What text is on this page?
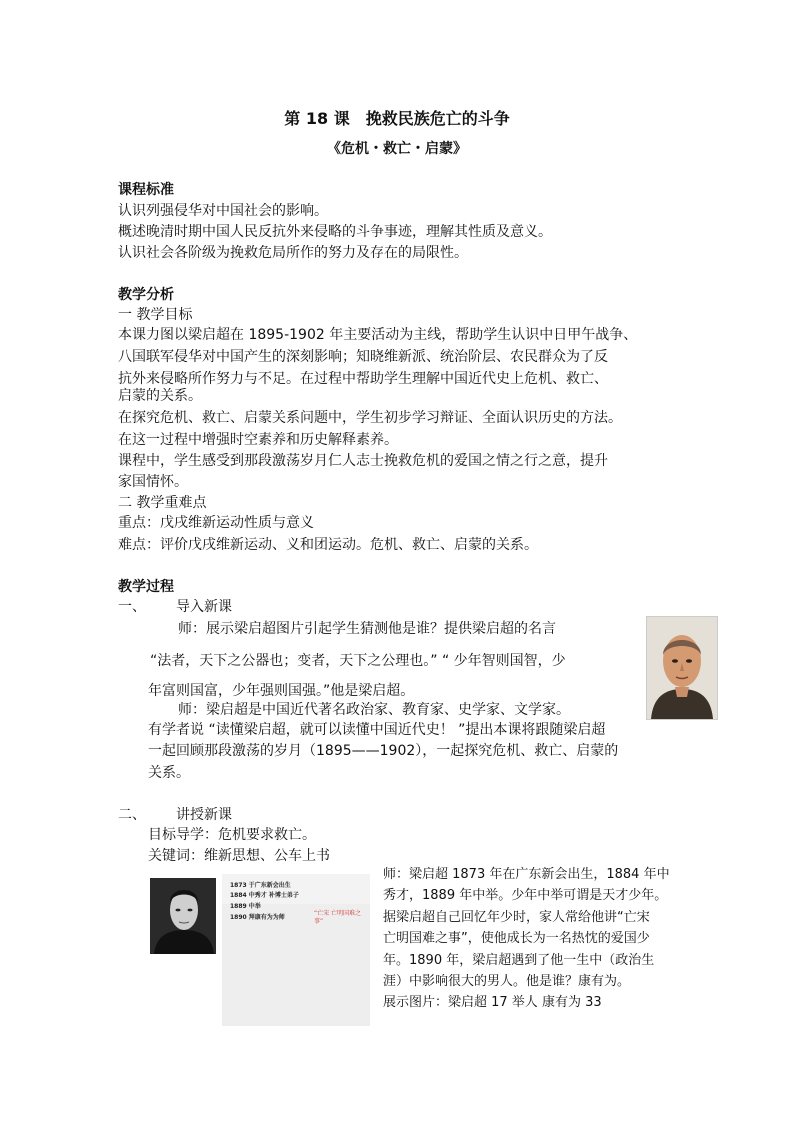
第 18 课　挽救民族危亡的斗争
《危机・救亡・启蒙》
课程标准
认识列强侵华对中国社会的影响。
概述晚清时期中国人民反抗外来侵略的斗争事迹，理解其性质及意义。
认识社会各阶级为挽救危局所作的努力及存在的局限性。
教学分析
一 教学目标
本课力图以梁启超在 1895-1902 年主要活动为主线，帮助学生认识中日甲午战争、
八国联军侵华对中国产生的深刻影响；知晓维新派、统治阶层、农民群众为了反
抗外来侵略所作努力与不足。在过程中帮助学生理解中国近代史上危机、救亡、
启蒙的关系。
在探究危机、救亡、启蒙关系问题中，学生初步学习辩证、全面认识历史的方法。
在这一过程中增强时空素养和历史解释素养。
课程中，学生感受到那段激荡岁月仁人志士挽救危机的爱国之情之行之意，提升
家国情怀。
二 教学重难点
重点：戊戌维新运动性质与意义
难点：评价戊戌维新运动、义和团运动。危机、救亡、启蒙的关系。
教学过程
一、 导入新课
师：展示梁启超图片引起学生猜测他是谁？提供梁启超的名言
“法者，天下之公器也；变者，天下之公理也。” “ 少年智则国智，少
年富则国富，少年强则国强。”他是梁启超。
师：梁启超是中国近代著名政治家、教育家、史学家、文学家。
有学者说 “读懂梁启超，就可以读懂中国近代史！ ”提出本课将跟随梁启超
一起回顾那段激荡的岁月（1895——1902），一起探究危机、救亡、启蒙的
关系。
二、 讲授新课
目标导学：危机要求救亡。
关键词：维新思想、公车上书
1873 于广东新会出生
1884 中秀才 补博士弟子
1889 中举
1890 拜康有为为师
“亡宋 亡明国难之事”
师：梁启超 1873 年在广东新会出生，1884 年中
秀才，1889 年中举。少年中举可谓是天才少年。
据梁启超自己回忆年少时，家人常给他讲“亡宋
亡明国难之事”，使他成长为一名热忱的爱国少
年。1890 年，梁启超遇到了他一生中（政治生
涯）中影响很大的男人。他是谁？康有为。
展示图片：梁启超 17 举人 康有为 33
